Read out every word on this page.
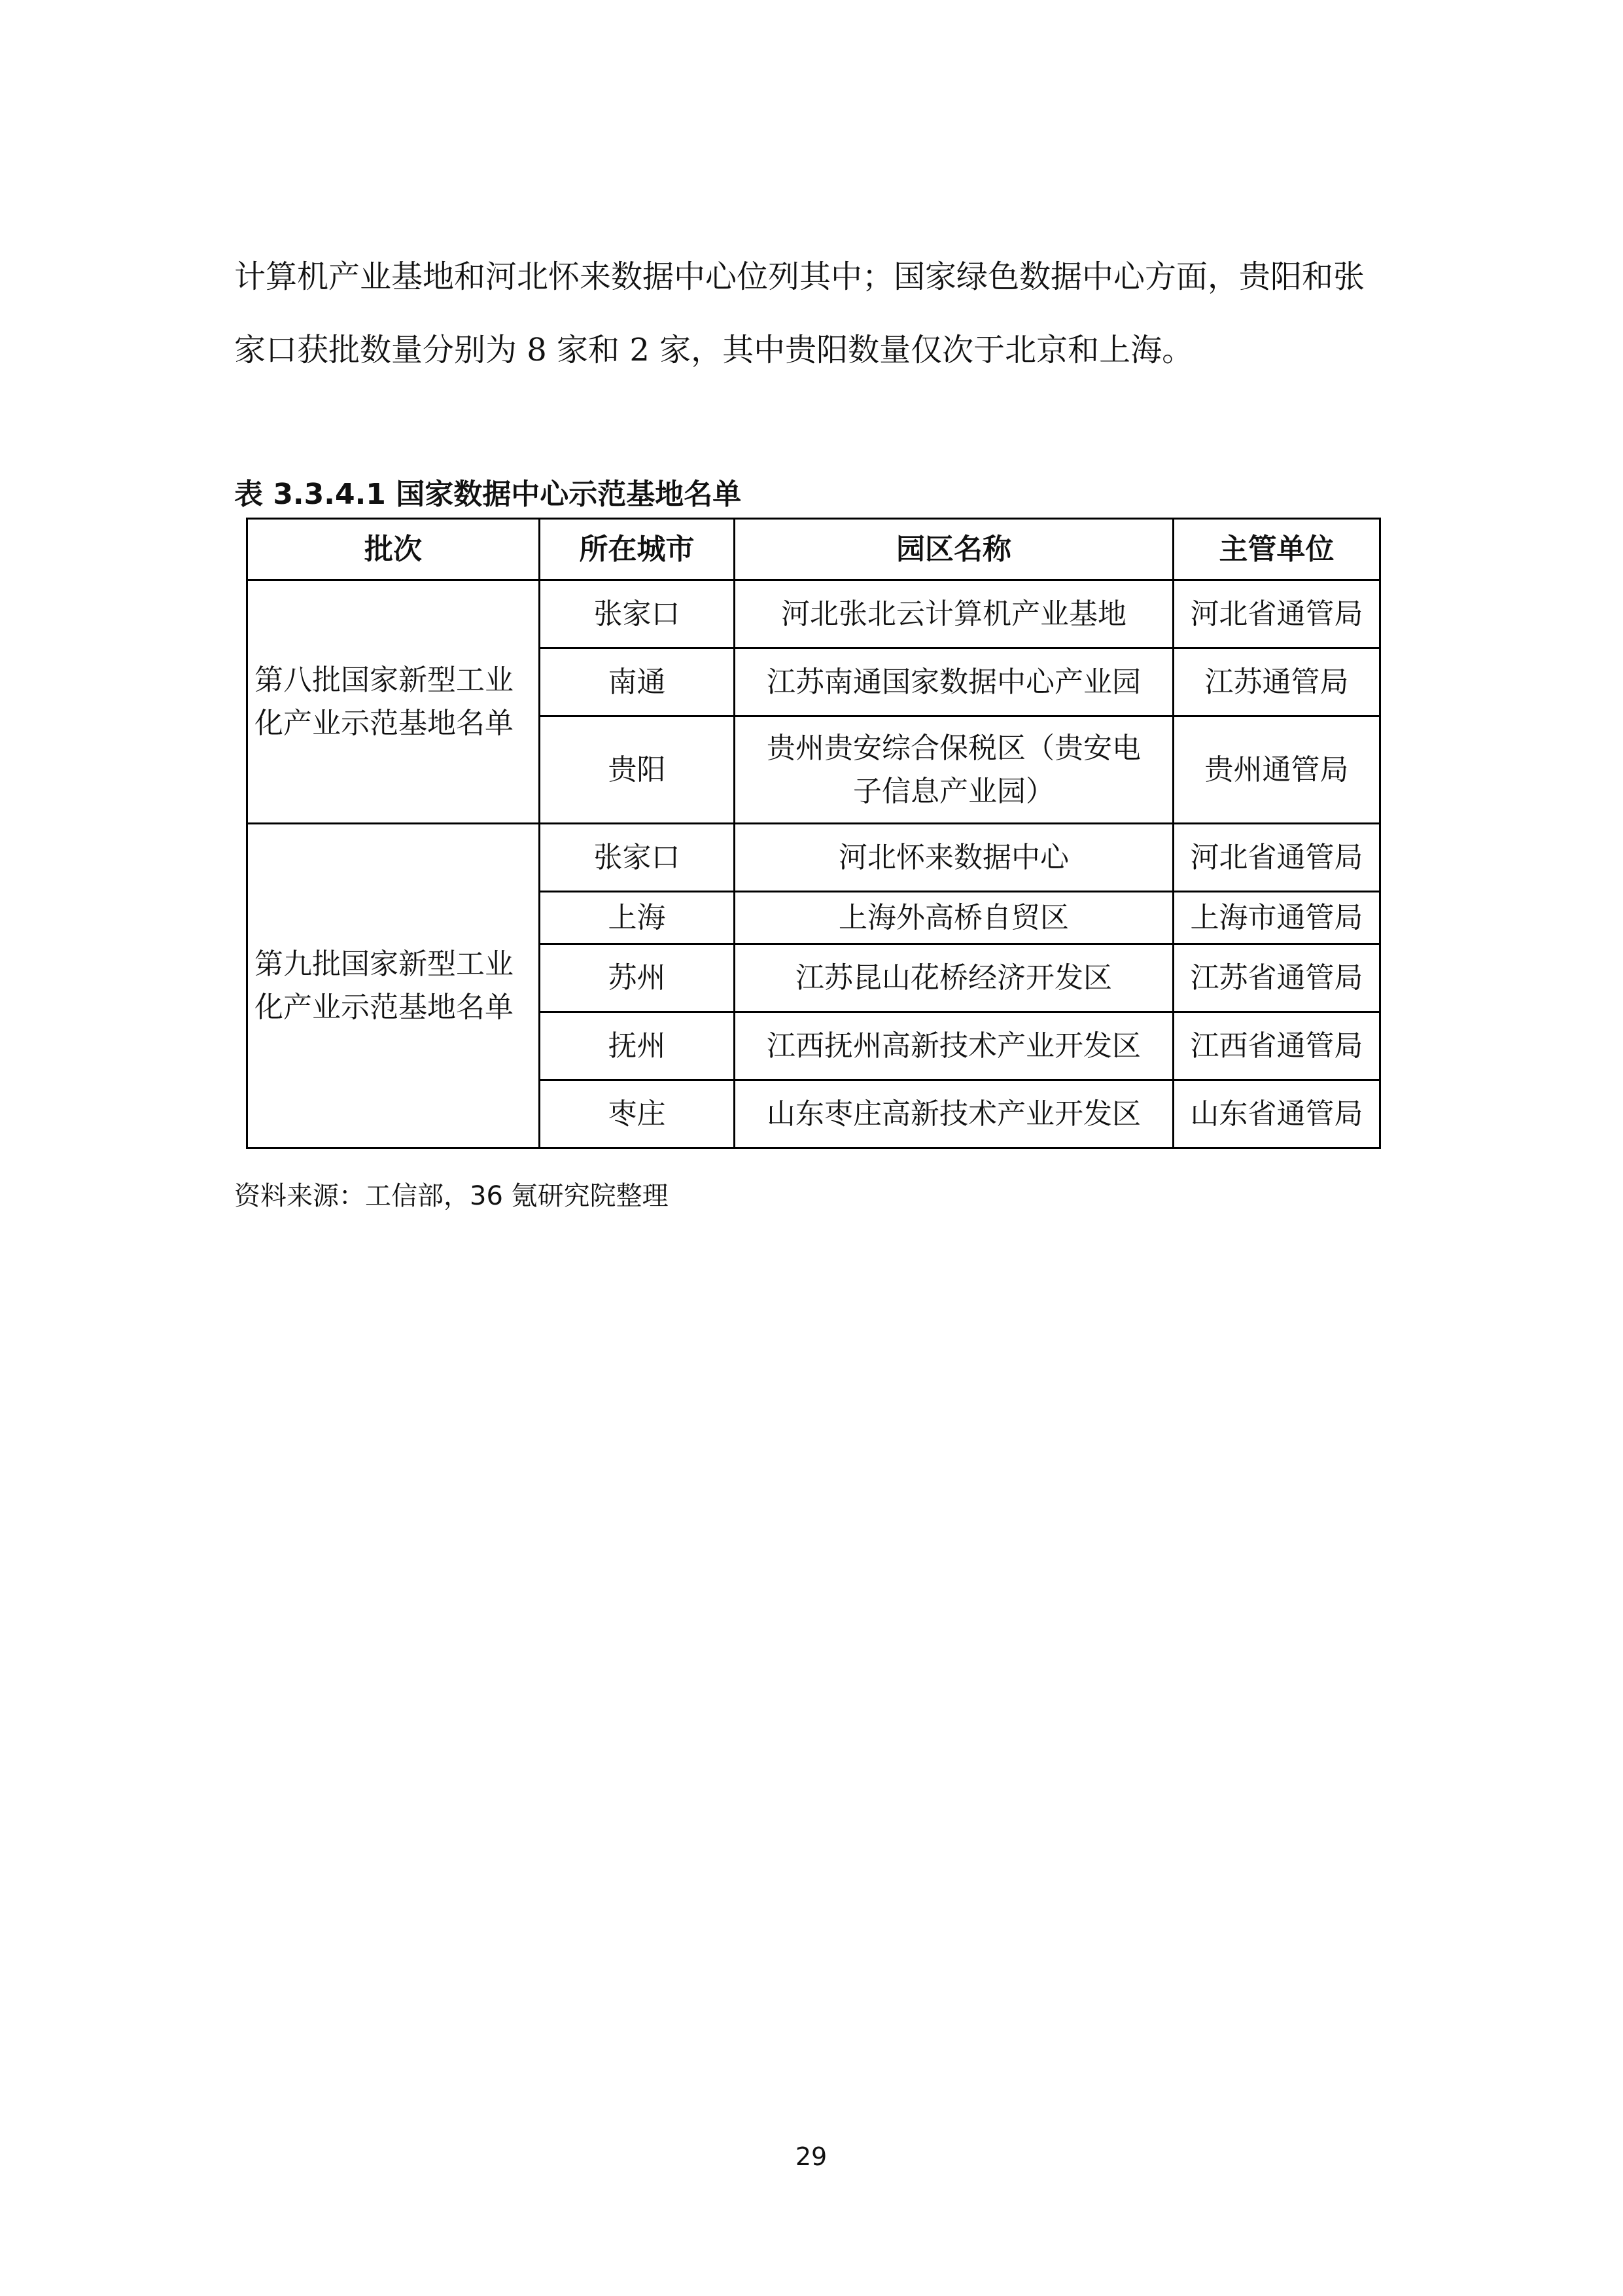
计算机产业基地和河北怀来数据中心位列其中；国家绿色数据中心方面，贵阳和张
家口获批数量分别为 8 家和 2 家，其中贵阳数量仅次于北京和上海。
表 3.3.4.1 国家数据中心示范基地名单
批次	所在城市	园区名称	主管单位
第八批国家新型工业化产业示范基地名单	张家口	河北张北云计算机产业基地	河北省通管局
	南通	江苏南通国家数据中心产业园	江苏通管局
	贵阳	贵州贵安综合保税区（贵安电子信息产业园）	贵州通管局
第九批国家新型工业化产业示范基地名单	张家口	河北怀来数据中心	河北省通管局
	上海	上海外高桥自贸区	上海市通管局
	苏州	江苏昆山花桥经济开发区	江苏省通管局
	抚州	江西抚州高新技术产业开发区	江西省通管局
	枣庄	山东枣庄高新技术产业开发区	山东省通管局
资料来源：工信部，36 氪研究院整理
29
